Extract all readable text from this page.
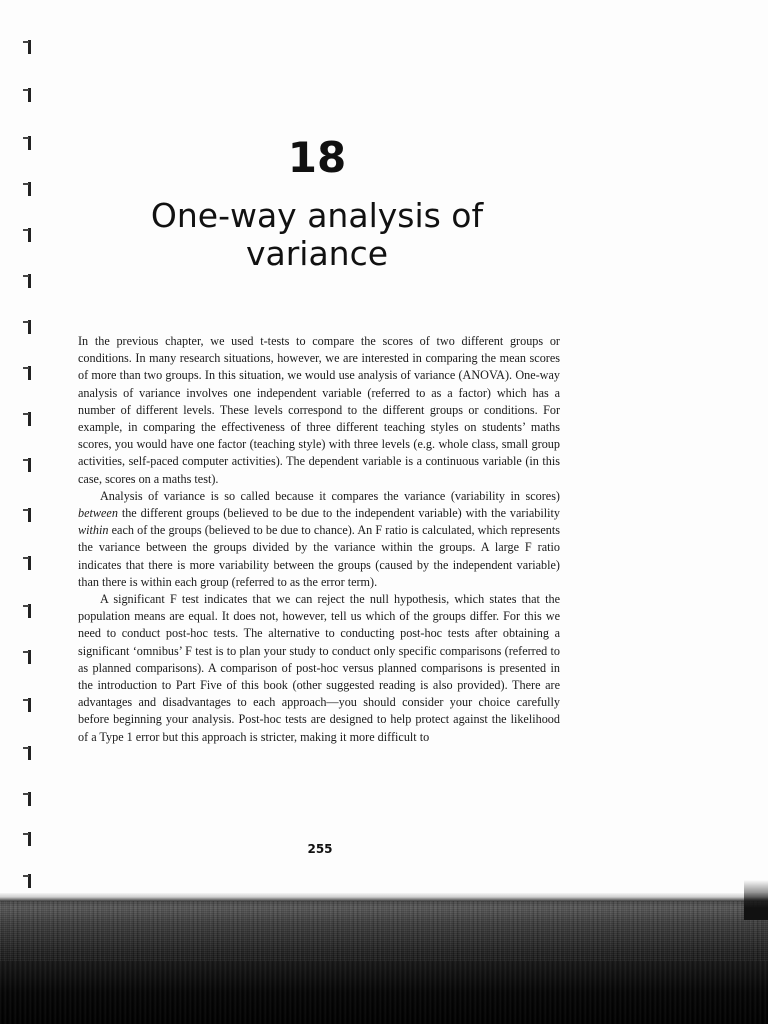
18
One-way analysis of
variance

In the previous chapter, we used t-tests to compare the scores of two different groups or conditions. In many research situations, however, we are interested in comparing the mean scores of more than two groups. In this situation, we would use analysis of variance (ANOVA). One-way analysis of variance involves one independent variable (referred to as a factor) which has a number of different levels. These levels correspond to the different groups or conditions. For example, in comparing the effectiveness of three different teaching styles on students’ maths scores, you would have one factor (teaching style) with three levels (e.g. whole class, small group activities, self-paced computer activities). The dependent variable is a continuous variable (in this case, scores on a maths test).

Analysis of variance is so called because it compares the variance (variability in scores) between the different groups (believed to be due to the independent variable) with the variability within each of the groups (believed to be due to chance). An F ratio is calculated, which represents the variance between the groups divided by the variance within the groups. A large F ratio indicates that there is more variability between the groups (caused by the independent variable) than there is within each group (referred to as the error term).

A significant F test indicates that we can reject the null hypothesis, which states that the population means are equal. It does not, however, tell us which of the groups differ. For this we need to conduct post-hoc tests. The alternative to conducting post-hoc tests after obtaining a significant ‘omnibus’ F test is to plan your study to conduct only specific comparisons (referred to as planned comparisons). A comparison of post-hoc versus planned comparisons is presented in the introduction to Part Five of this book (other suggested reading is also provided). There are advantages and disadvantages to each approach—you should consider your choice carefully before beginning your analysis. Post-hoc tests are designed to help protect against the likelihood of a Type 1 error but this approach is stricter, making it more difficult to

255
